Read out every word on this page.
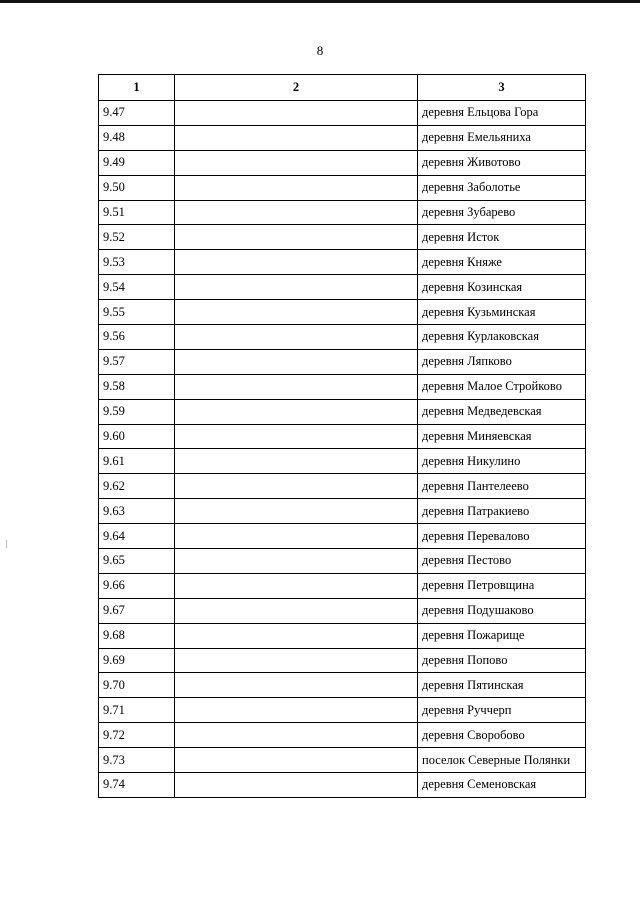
8
1	2	3
9.47		деревня Ельцова Гора
9.48		деревня Емельяниха
9.49		деревня Животово
9.50		деревня Заболотье
9.51		деревня Зубарево
9.52		деревня Исток
9.53		деревня Княже
9.54		деревня Козинская
9.55		деревня Кузьминская
9.56		деревня Курлаковская
9.57		деревня Ляпково
9.58		деревня Малое Стройково
9.59		деревня Медведевская
9.60		деревня Миняевская
9.61		деревня Никулино
9.62		деревня Пантелеево
9.63		деревня Патракиево
9.64		деревня Перевалово
9.65		деревня Пестово
9.66		деревня Петровщина
9.67		деревня Подушаково
9.68		деревня Пожарище
9.69		деревня Попово
9.70		деревня Пятинская
9.71		деревня Руччерп
9.72		деревня Своробово
9.73		поселок Северные Полянки
9.74		деревня Семеновская
